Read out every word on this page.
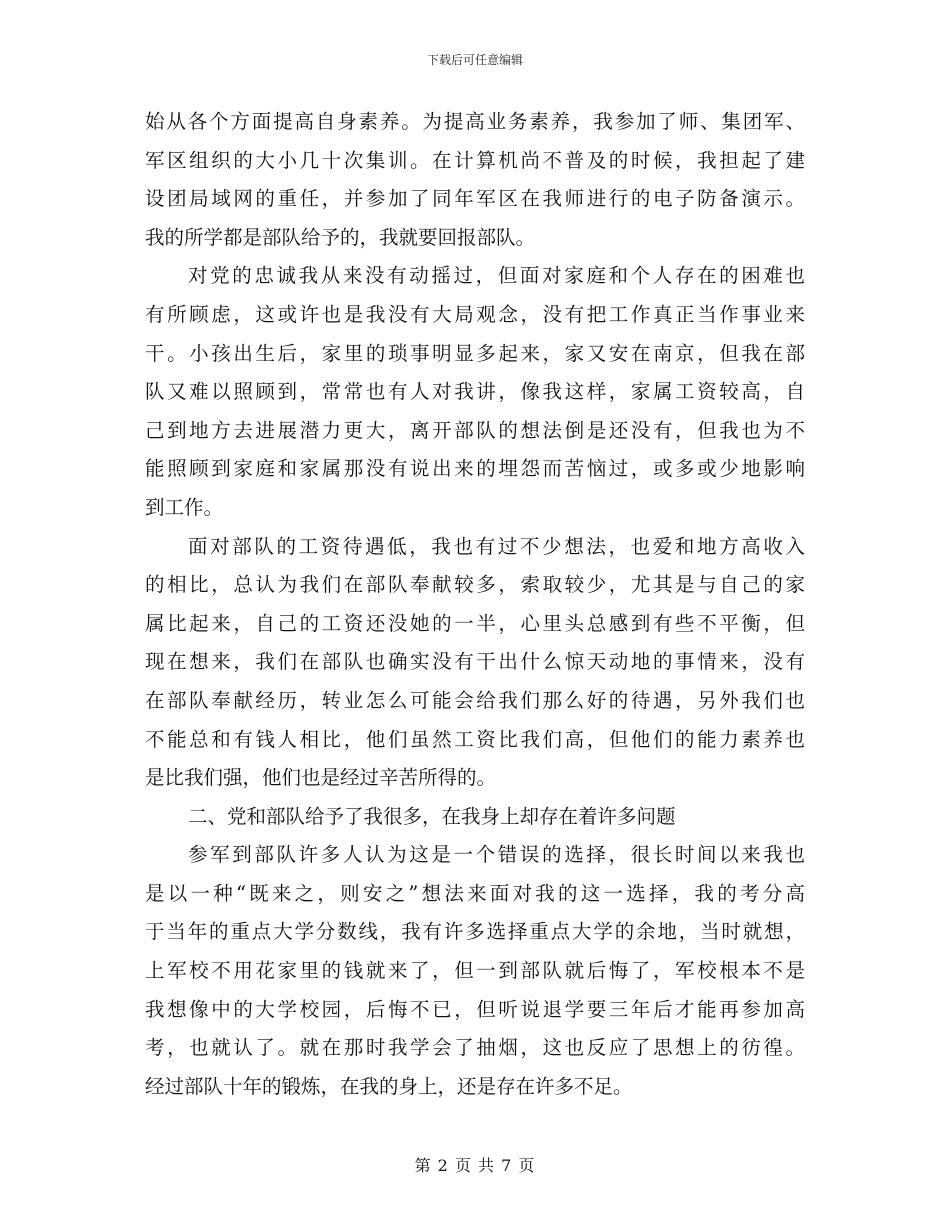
下载后可任意编辑
始从各个方面提高自身素养。为提高业务素养，我参加了师、集团军、
军区组织的大小几十次集训。在计算机尚不普及的时候，我担起了建
设团局域网的重任，并参加了同年军区在我师进行的电子防备演示。
我的所学都是部队给予的，我就要回报部队。
对党的忠诚我从来没有动摇过，但面对家庭和个人存在的困难也
有所顾虑，这或许也是我没有大局观念，没有把工作真正当作事业来
干。小孩出生后，家里的琐事明显多起来，家又安在南京，但我在部
队又难以照顾到，常常也有人对我讲，像我这样，家属工资较高，自
己到地方去进展潜力更大，离开部队的想法倒是还没有，但我也为不
能照顾到家庭和家属那没有说出来的埋怨而苦恼过，或多或少地影响
到工作。
面对部队的工资待遇低，我也有过不少想法，也爱和地方高收入
的相比，总认为我们在部队奉献较多，索取较少，尤其是与自己的家
属比起来，自己的工资还没她的一半，心里头总感到有些不平衡，但
现在想来，我们在部队也确实没有干出什么惊天动地的事情来，没有
在部队奉献经历，转业怎么可能会给我们那么好的待遇，另外我们也
不能总和有钱人相比，他们虽然工资比我们高，但他们的能力素养也
是比我们强，他们也是经过辛苦所得的。
二、党和部队给予了我很多，在我身上却存在着许多问题
参军到部队许多人认为这是一个错误的选择，很长时间以来我也
是以一种“既来之，则安之”想法来面对我的这一选择，我的考分高
于当年的重点大学分数线，我有许多选择重点大学的余地，当时就想，
上军校不用花家里的钱就来了，但一到部队就后悔了，军校根本不是
我想像中的大学校园，后悔不已，但听说退学要三年后才能再参加高
考，也就认了。就在那时我学会了抽烟，这也反应了思想上的彷徨。
经过部队十年的锻炼，在我的身上，还是存在许多不足。
第 2 页 共 7 页
